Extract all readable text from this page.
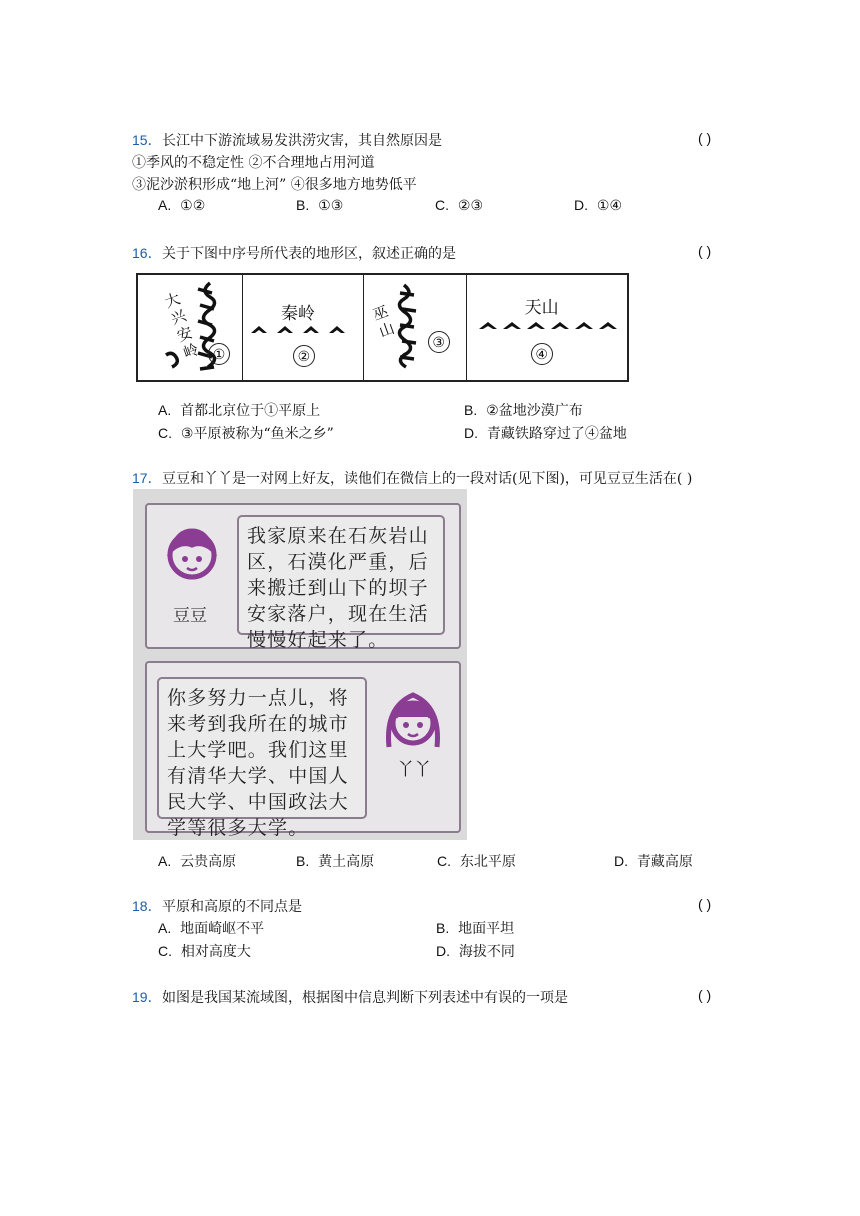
15． 长江中下游流域易发洪涝灾害，其自然原因是	( )
①季风的不稳定性 ②不合理地占用河道
③泥沙淤积形成“地上河” ④很多地方地势低平
A. ①②	B. ①③	C. ②③	D. ①④
16． 关于下图中序号所代表的地形区，叙述正确的是	( )
大兴安岭 ①
秦岭
②
巫山
③
天山
④
A. 首都北京位于①平原上	B. ②盆地沙漠广布
C. ③平原被称为“鱼米之乡”	D. 青藏铁路穿过了④盆地
17． 豆豆和丫丫是一对网上好友，读他们在微信上的一段对话(见下图)，可见豆豆生活在( )
豆豆
我家原来在石灰岩山区，石漠化严重，后来搬迁到山下的坝子安家落户，现在生活慢慢好起来了。
你多努力一点儿，将来考到我所在的城市上大学吧。我们这里有清华大学、中国人民大学、中国政法大学等很多大学。
丫丫
A. 云贵高原	B. 黄土高原	C. 东北平原	D. 青藏高原
18． 平原和高原的不同点是	( )
A. 地面崎岖不平	B. 地面平坦
C. 相对高度大	D. 海拔不同
19． 如图是我国某流域图，根据图中信息判断下列表述中有误的一项是	( )
